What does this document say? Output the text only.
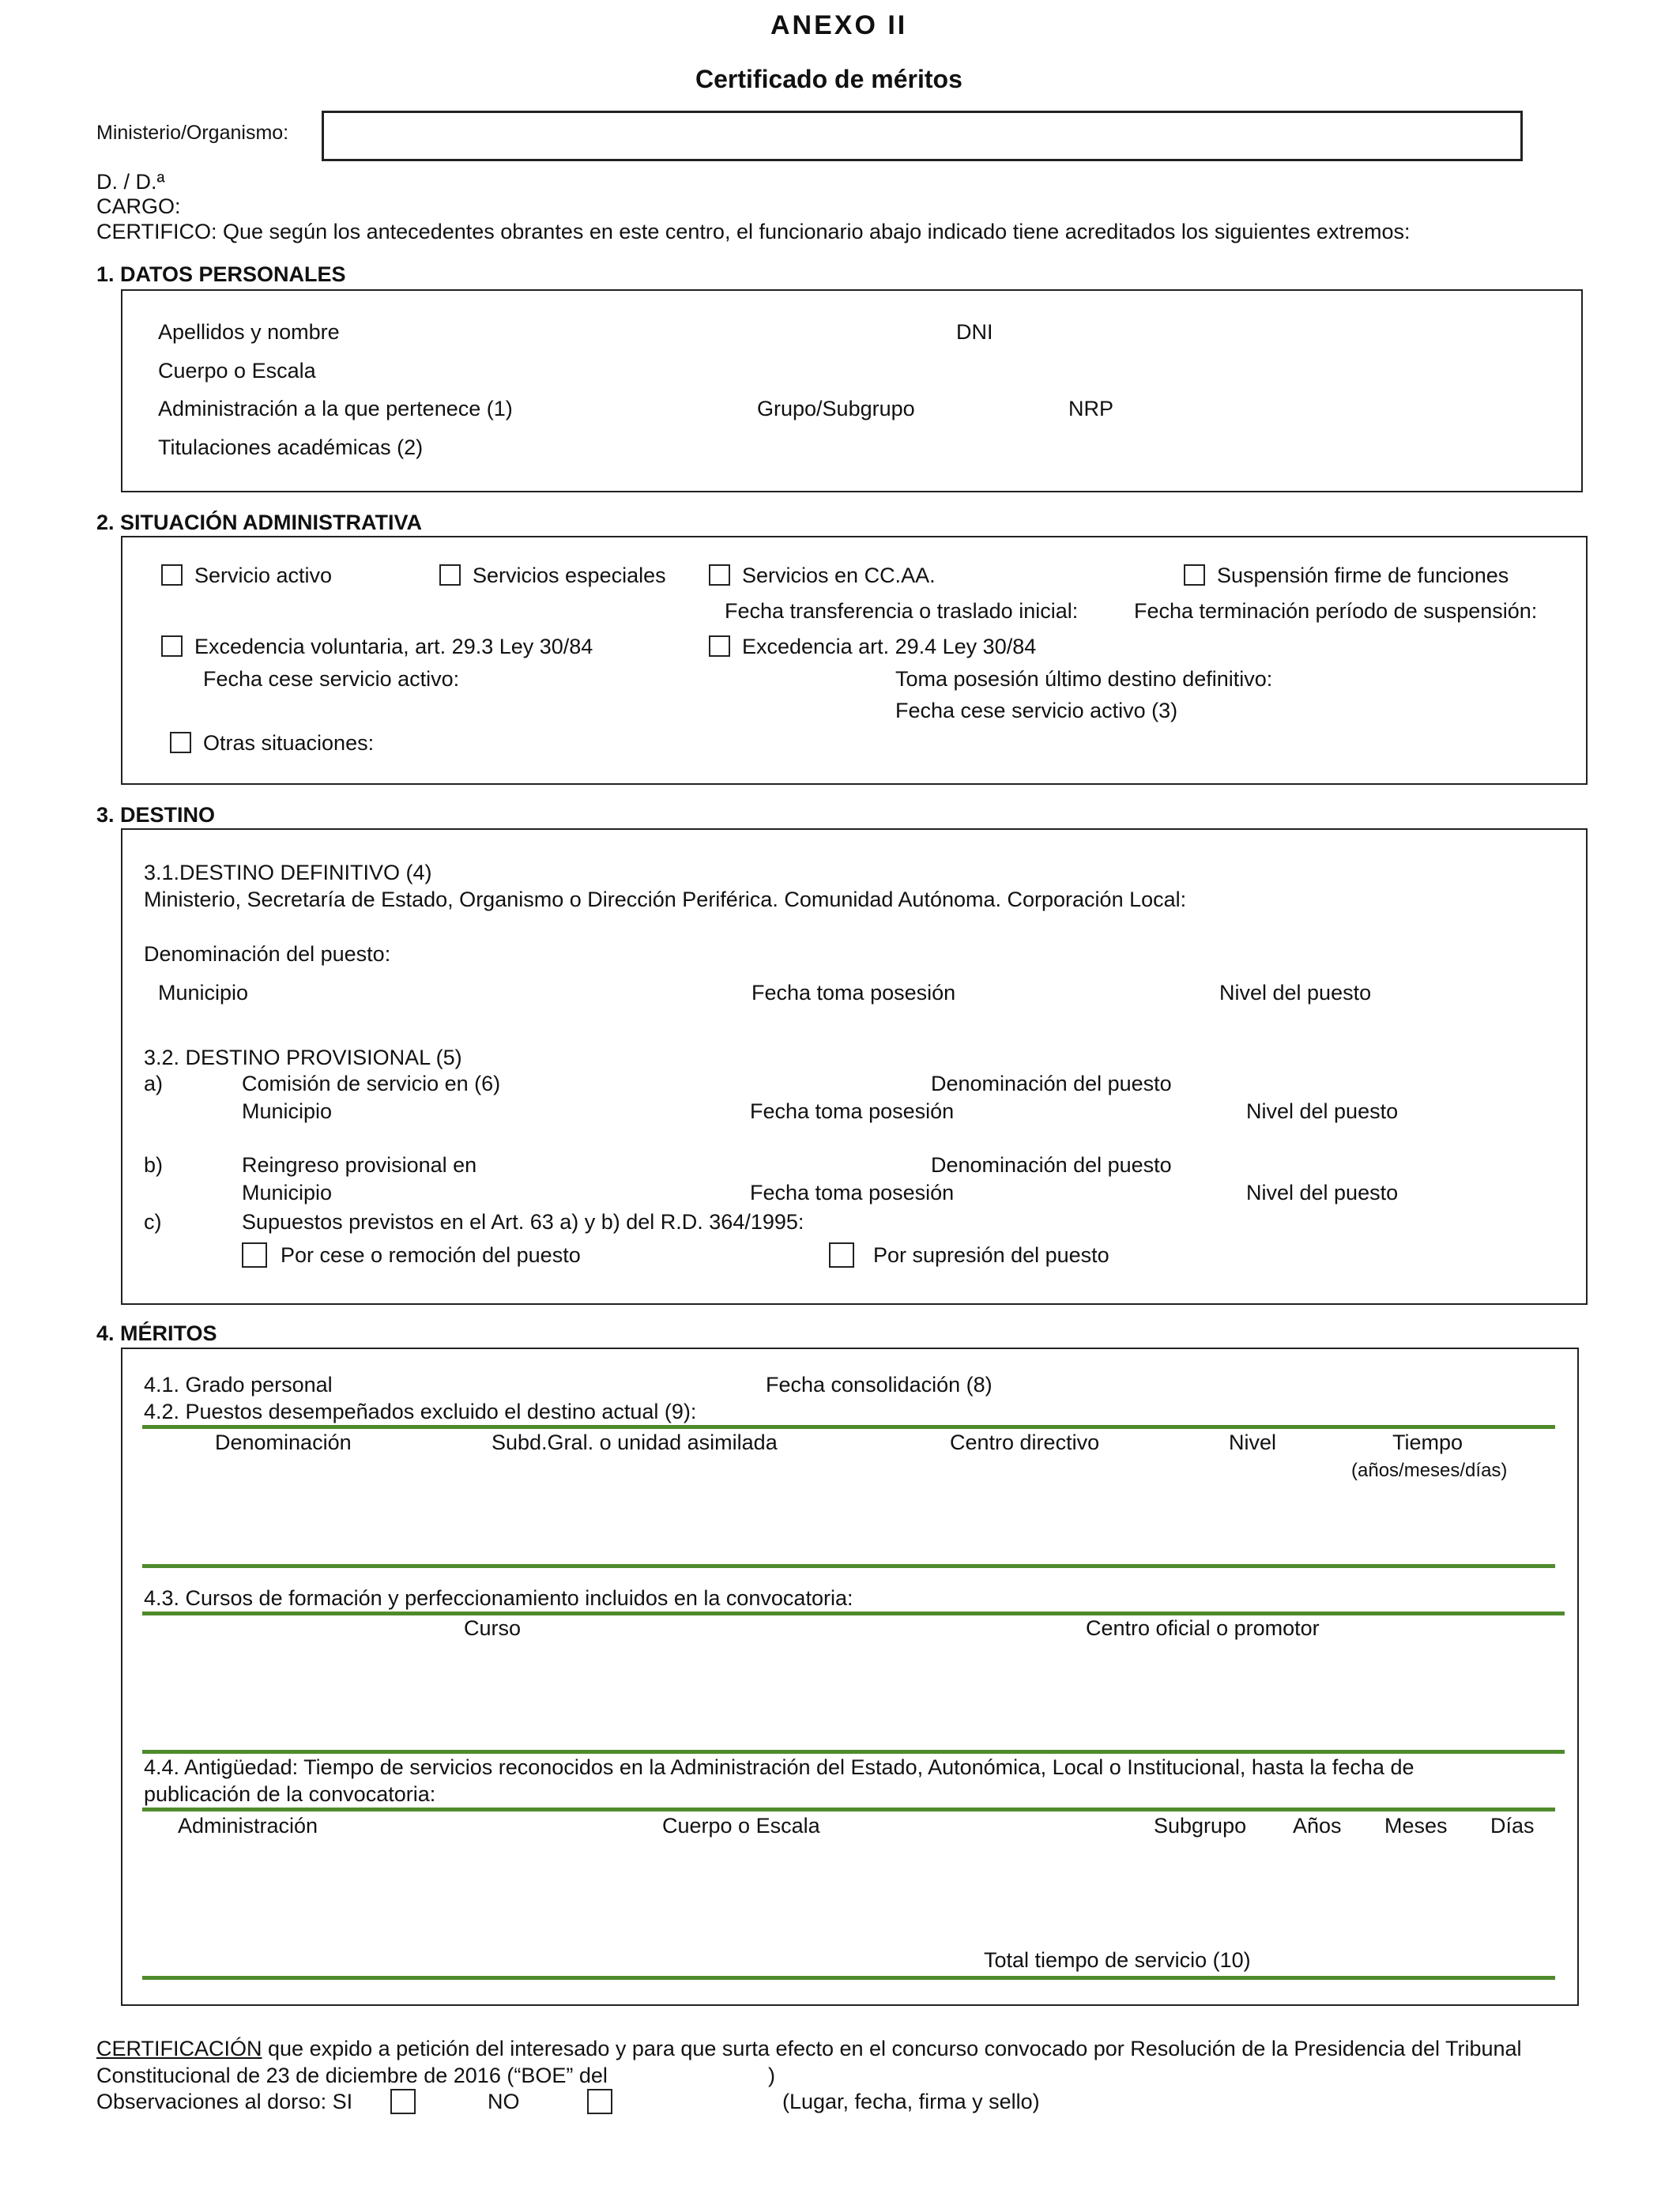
ANEXO II
Certificado de méritos
Ministerio/Organismo:
D. / D.ª
CARGO:
CERTIFICO: Que según los antecedentes obrantes en este centro, el funcionario abajo indicado tiene acreditados los siguientes extremos:
1. DATOS PERSONALES
Apellidos y nombre	DNI
Cuerpo o Escala
Administración a la que pertenece (1)	Grupo/Subgrupo	NRP
Titulaciones académicas (2)
2. SITUACIÓN ADMINISTRATIVA
Servicio activo	Servicios especiales	Servicios en CC.AA.	Suspensión firme de funciones
Fecha transferencia o traslado inicial:	Fecha terminación período de suspensión:
Excedencia voluntaria, art. 29.3 Ley 30/84	Excedencia art. 29.4 Ley 30/84
Fecha cese servicio activo:	Toma posesión último destino definitivo:
Fecha cese servicio activo (3)
Otras situaciones:
3. DESTINO
3.1.DESTINO DEFINITIVO (4)
Ministerio, Secretaría de Estado, Organismo o Dirección Periférica. Comunidad Autónoma. Corporación Local:
Denominación del puesto:
Municipio	Fecha toma posesión	Nivel del puesto
3.2. DESTINO PROVISIONAL (5)
a)	Comisión de servicio en (6)	Denominación del puesto
Municipio	Fecha toma posesión	Nivel del puesto
b)	Reingreso provisional en	Denominación del puesto
Municipio	Fecha toma posesión	Nivel del puesto
c)	Supuestos previstos en el Art. 63 a) y b) del R.D. 364/1995:
Por cese o remoción del puesto	Por supresión del puesto
4. MÉRITOS
4.1. Grado personal	Fecha consolidación (8)
4.2. Puestos desempeñados excluido el destino actual (9):
Denominación	Subd.Gral. o unidad asimilada	Centro directivo	Nivel	Tiempo
(años/meses/días)
4.3. Cursos de formación y perfeccionamiento incluidos en la convocatoria:
Curso	Centro oficial o promotor
4.4. Antigüedad: Tiempo de servicios reconocidos en la Administración del Estado, Autonómica, Local o Institucional, hasta la fecha de
publicación de la convocatoria:
Administración	Cuerpo o Escala	Subgrupo Años Meses Días
Total tiempo de servicio (10)
CERTIFICACIÓN que expido a petición del interesado y para que surta efecto en el concurso convocado por Resolución de la Presidencia del Tribunal
Constitucional de 23 de diciembre de 2016 (“BOE” del	)
Observaciones al dorso: SI	NO	(Lugar, fecha, firma y sello)
